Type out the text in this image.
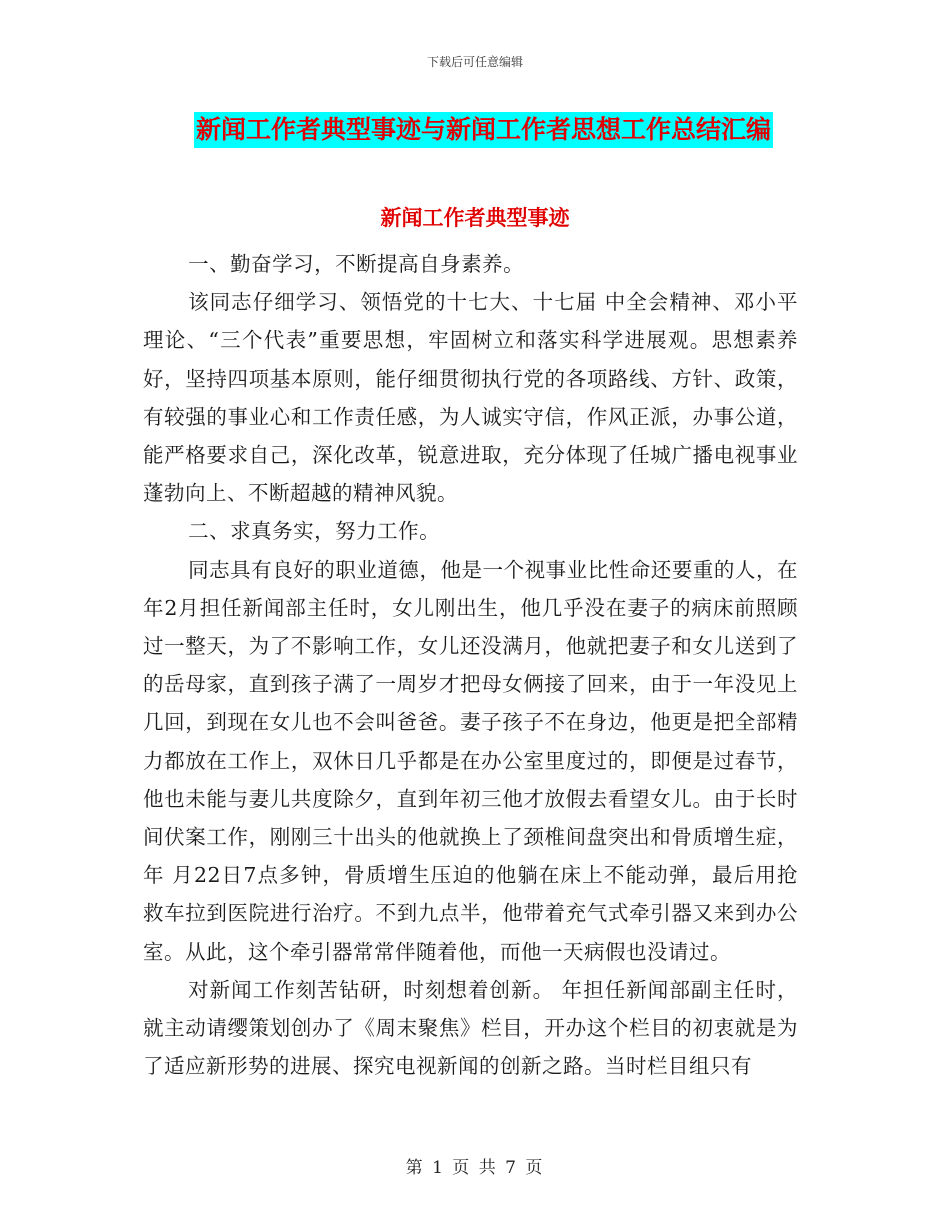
下载后可任意编辑
新闻工作者典型事迹与新闻工作者思想工作总结汇编
新闻工作者典型事迹

一、勤奋学习，不断提高自身素养。

该同志仔细学习、领悟党的十七大、十七届 中全会精神、邓小平理论、“三个代表”重要思想，牢固树立和落实科学进展观。思想素养好，坚持四项基本原则，能仔细贯彻执行党的各项路线、方针、政策，有较强的事业心和工作责任感，为人诚实守信，作风正派，办事公道，能严格要求自己，深化改革，锐意进取，充分体现了任城广播电视事业蓬勃向上、不断超越的精神风貌。

二、求真务实，努力工作。

同志具有良好的职业道德，他是一个视事业比性命还要重的人，在 年2月担任新闻部主任时，女儿刚出生，他几乎没在妻子的病床前照顾过一整天，为了不影响工作，女儿还没满月，他就把妻子和女儿送到了 的岳母家，直到孩子满了一周岁才把母女俩接了回来，由于一年没见上几回，到现在女儿也不会叫爸爸。妻子孩子不在身边，他更是把全部精力都放在工作上，双休日几乎都是在办公室里度过的，即便是过春节，他也未能与妻儿共度除夕，直到年初三他才放假去看望女儿。由于长时间伏案工作，刚刚三十出头的他就换上了颈椎间盘突出和骨质增生症， 年 月22日7点多钟，骨质增生压迫的他躺在床上不能动弹，最后用抢救车拉到医院进行治疗。不到九点半，他带着充气式牵引器又来到办公室。从此，这个牵引器常常伴随着他，而他一天病假也没请过。

对新闻工作刻苦钻研，时刻想着创新。 年担任新闻部副主任时，就主动请缨策划创办了《周末聚焦》栏目，开办这个栏目的初衷就是为了适应新形势的进展、探究电视新闻的创新之路。当时栏目组只有

第 1 页 共 7 页
